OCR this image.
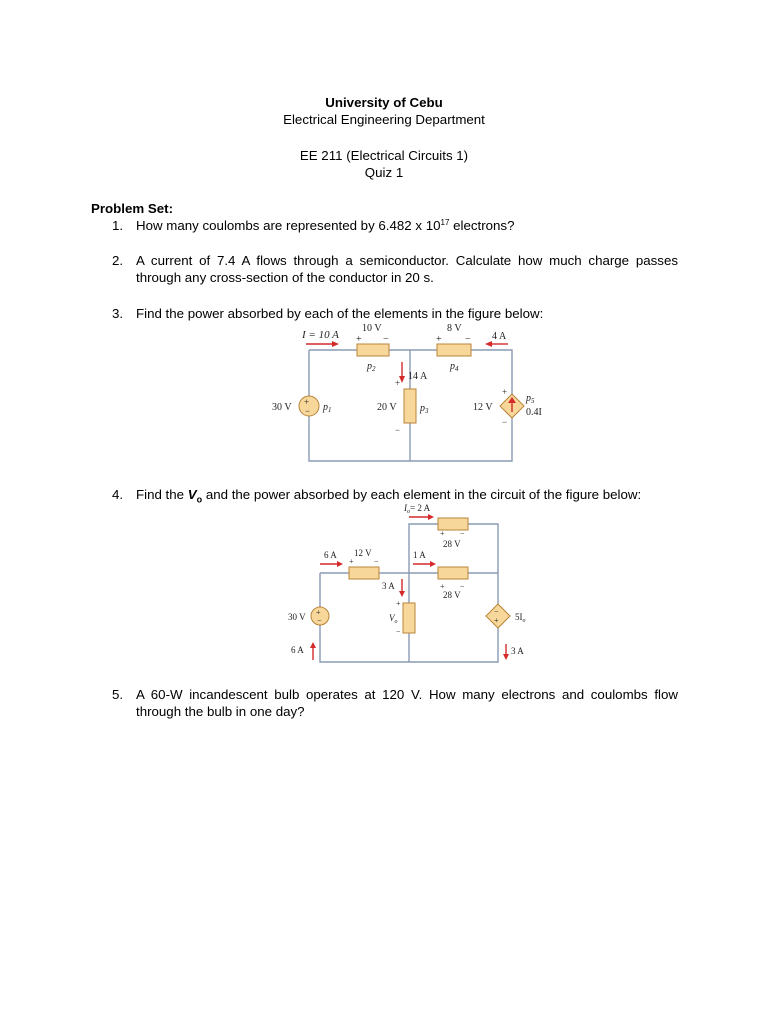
University of Cebu
Electrical Engineering Department
EE 211 (Electrical Circuits 1)
Quiz 1
Problem Set:
1. How many coulombs are represented by 6.482 x $10^{17}$ electrons?
2. A current of 7.4 A flows through a semiconductor. Calculate how much charge passes through any cross-section of the conductor in 20 s.
3. Find the power absorbed by each of the elements in the figure below:
+
−
I = 10 A
10 V
+ −
$p_2$
8 V
+ −
$p_4$
4 A
14 A
30 V	$p_1$
+
20 V
−
$p_3$
+
12 V
−
$p_5$
0.4I
4. Find the $V_o$ and the power absorbed by each element in the circuit of the figure below:
+
−
−
+
$I_o= 2$ A
+ −
28 V
6 A 12 V
+	−
1 A
3 A	+ −
28 V
30 V
+
$V_o$
−
$5I_o$
6 A	3 A
5. A 60-W incandescent bulb operates at 120 V. How many electrons and coulombs flow through the bulb in one day?
